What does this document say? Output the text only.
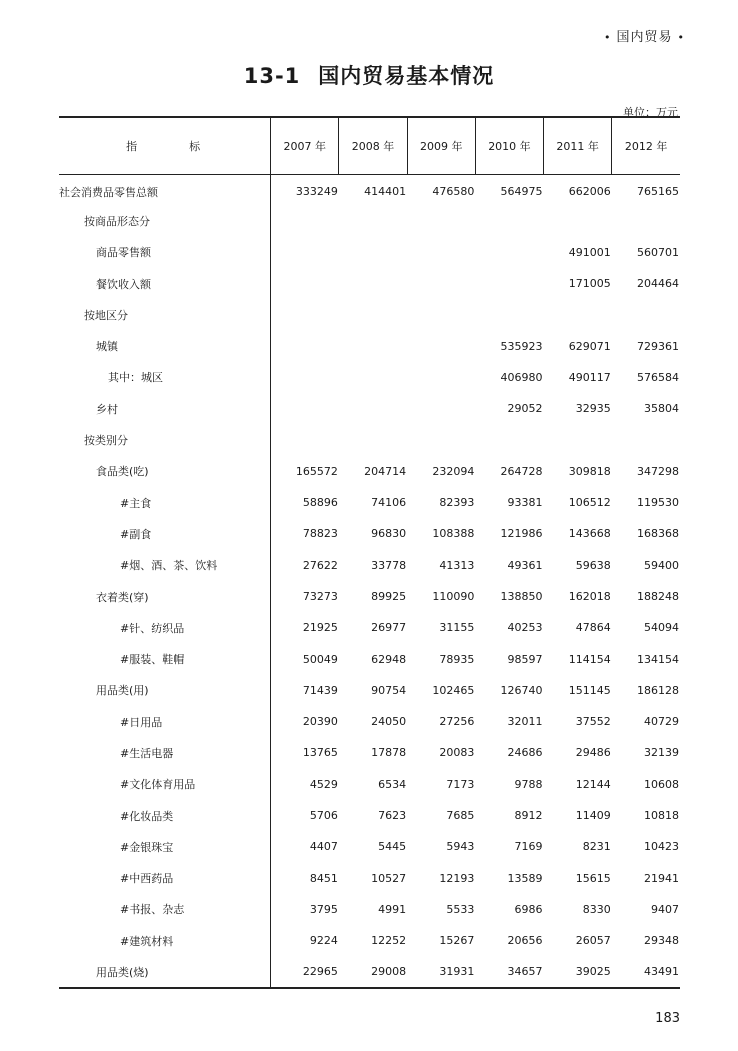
• 国内贸易 •
13-1 国内贸易基本情况
单位：万元
指标	2007 年	2008 年	2009 年	2010 年	2011 年	2012 年
社会消费品零售总额	333249	414401	476580	564975	662006	765165
按商品形态分						
商品零售额					491001	560701
餐饮收入额					171005	204464
按地区分						
城镇				535923	629071	729361
其中：城区				406980	490117	576584
乡村				29052	32935	35804
按类别分						
食品类(吃)	165572	204714	232094	264728	309818	347298
#主食	58896	74106	82393	93381	106512	119530
#副食	78823	96830	108388	121986	143668	168368
#烟、酒、茶、饮料	27622	33778	41313	49361	59638	59400
衣着类(穿)	73273	89925	110090	138850	162018	188248
#针、纺织品	21925	26977	31155	40253	47864	54094
#服装、鞋帽	50049	62948	78935	98597	114154	134154
用品类(用)	71439	90754	102465	126740	151145	186128
#日用品	20390	24050	27256	32011	37552	40729
#生活电器	13765	17878	20083	24686	29486	32139
#文化体育用品	4529	6534	7173	9788	12144	10608
#化妆品类	5706	7623	7685	8912	11409	10818
#金银珠宝	4407	5445	5943	7169	8231	10423
#中西药品	8451	10527	12193	13589	15615	21941
#书报、杂志	3795	4991	5533	6986	8330	9407
#建筑材料	9224	12252	15267	20656	26057	29348
用品类(烧)	22965	29008	31931	34657	39025	43491
183
